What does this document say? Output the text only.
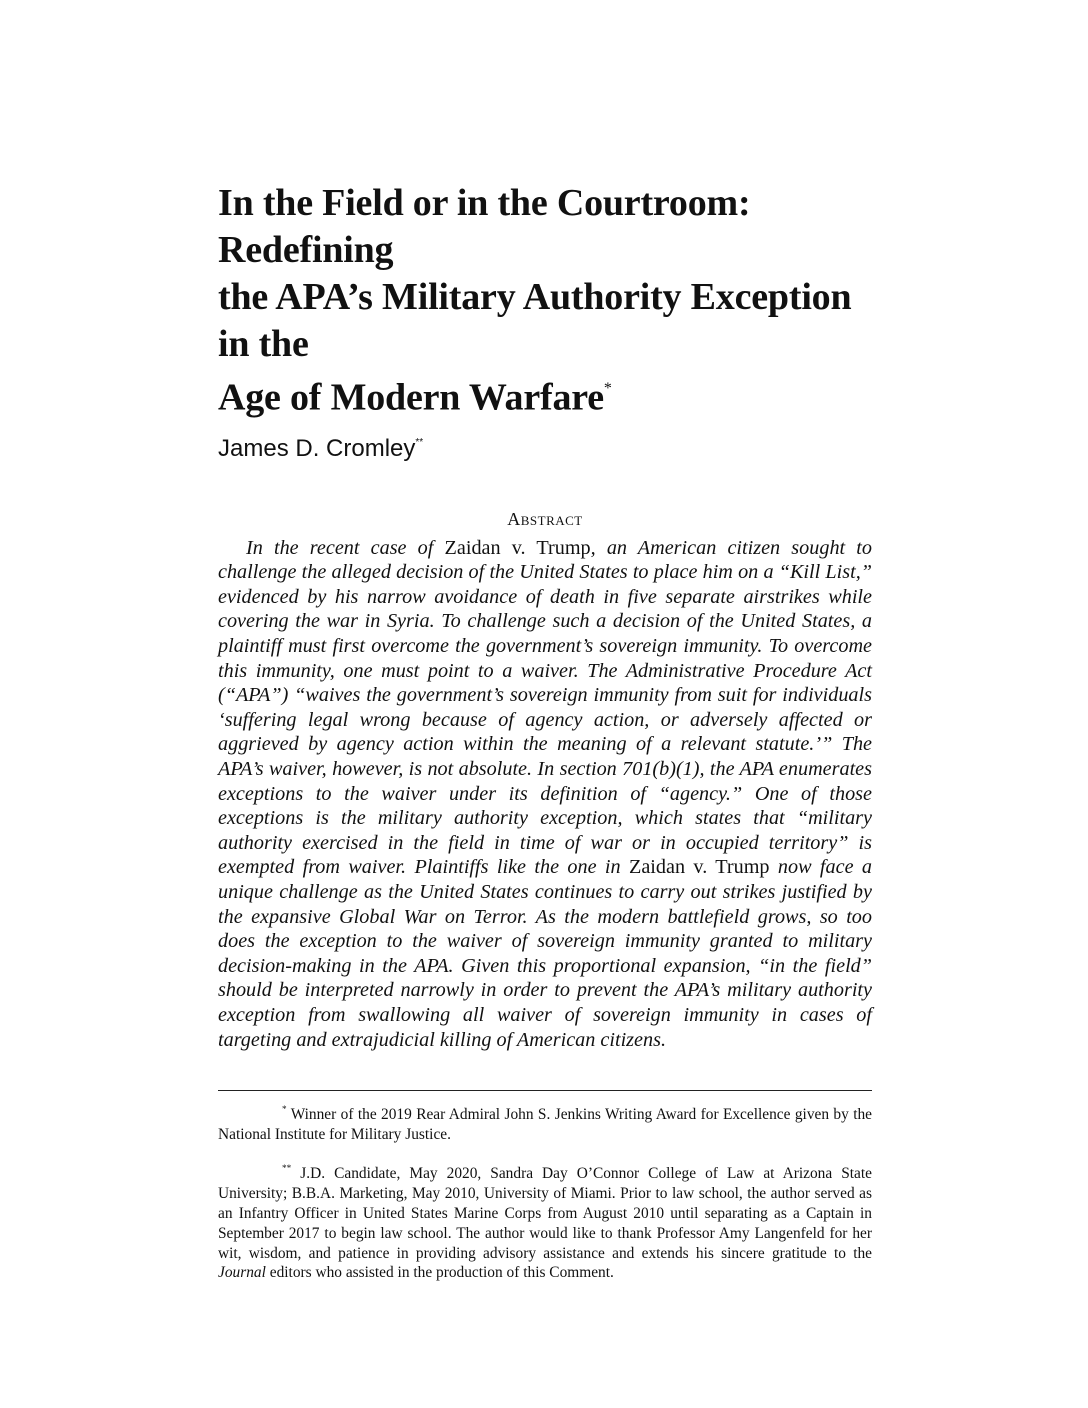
In the Field or in the Courtroom: Redefining
the APA’s Military Authority Exception in the
Age of Modern Warfare*
James D. Cromley**
Abstract

In the recent case of Zaidan v. Trump, an American citizen sought to challenge the alleged decision of the United States to place him on a “Kill List,” evidenced by his narrow avoidance of death in five separate airstrikes while covering the war in Syria. To challenge such a decision of the United States, a plaintiff must first overcome the government’s sovereign immunity. To overcome this immunity, one must point to a waiver. The Administrative Procedure Act (“APA”) “waives the government’s sovereign immunity from suit for individuals ‘suffering legal wrong because of agency action, or adversely affected or aggrieved by agency action within the meaning of a relevant statute.’” The APA’s waiver, however, is not absolute. In section 701(b)(1), the APA enumerates exceptions to the waiver under its definition of “agency.” One of those exceptions is the military authority exception, which states that “military authority exercised in the field in time of war or in occupied territory” is exempted from waiver. Plaintiffs like the one in Zaidan v. Trump now face a unique challenge as the United States continues to carry out strikes justified by the expansive Global War on Terror. As the modern battlefield grows, so too does the exception to the waiver of sovereign immunity granted to military decision-making in the APA. Given this proportional expansion, “in the field” should be interpreted narrowly in order to prevent the APA’s military authority exception from swallowing all waiver of sovereign immunity in cases of targeting and extrajudicial killing of American citizens.

* Winner of the 2019 Rear Admiral John S. Jenkins Writing Award for Excellence given by the National Institute for Military Justice.

** J.D. Candidate, May 2020, Sandra Day O’Connor College of Law at Arizona State University; B.B.A. Marketing, May 2010, University of Miami. Prior to law school, the author served as an Infantry Officer in United States Marine Corps from August 2010 until separating as a Captain in September 2017 to begin law school. The author would like to thank Professor Amy Langenfeld for her wit, wisdom, and patience in providing advisory assistance and extends his sincere gratitude to the Journal editors who assisted in the production of this Comment.
